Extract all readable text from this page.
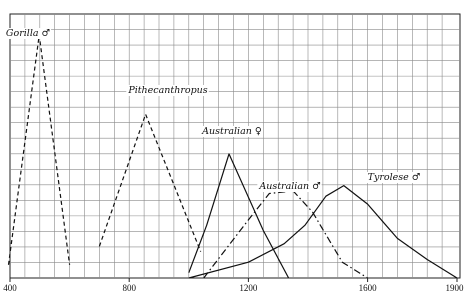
Gorilla ♂
Pithecanthropus
Australian ♀
Australian ♂
Tyrolese ♂
400	800	1200	1600	1900
